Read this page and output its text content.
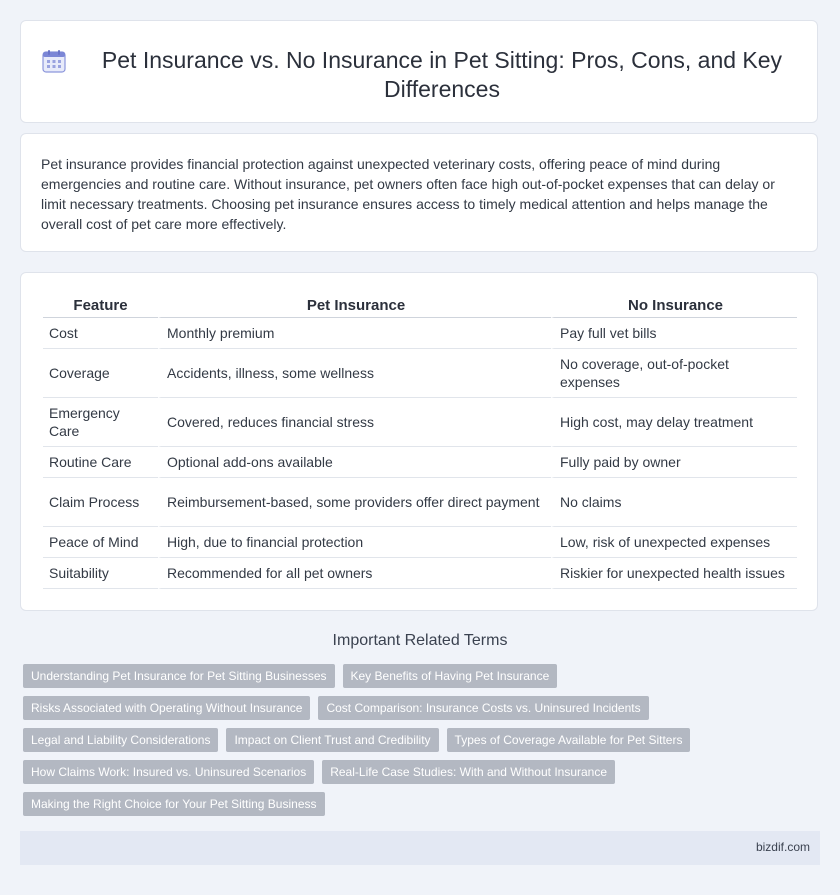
Pet Insurance vs. No Insurance in Pet Sitting: Pros, Cons, and Key Differences

Pet insurance provides financial protection against unexpected veterinary costs, offering peace of mind during emergencies and routine care. Without insurance, pet owners often face high out-of-pocket expenses that can delay or limit necessary treatments. Choosing pet insurance ensures access to timely medical attention and helps manage the overall cost of pet care more effectively.

Feature	Pet Insurance	No Insurance
Cost	Monthly premium	Pay full vet bills
Coverage	Accidents, illness, some wellness	No coverage, out-of-pocket expenses
Emergency Care	Covered, reduces financial stress	High cost, may delay treatment
Routine Care	Optional add-ons available	Fully paid by owner
Claim Process	Reimbursement-based, some providers offer direct payment	No claims
Peace of Mind	High, due to financial protection	Low, risk of unexpected expenses
Suitability	Recommended for all pet owners	Riskier for unexpected health issues
Important Related Terms
Understanding Pet Insurance for Pet Sitting Businesses	Key Benefits of Having Pet Insurance
Risks Associated with Operating Without Insurance	Cost Comparison: Insurance Costs vs. Uninsured Incidents
Legal and Liability Considerations	Impact on Client Trust and Credibility	Types of Coverage Available for Pet Sitters
How Claims Work: Insured vs. Uninsured Scenarios	Real-Life Case Studies: With and Without Insurance
Making the Right Choice for Your Pet Sitting Business
bizdif.com
